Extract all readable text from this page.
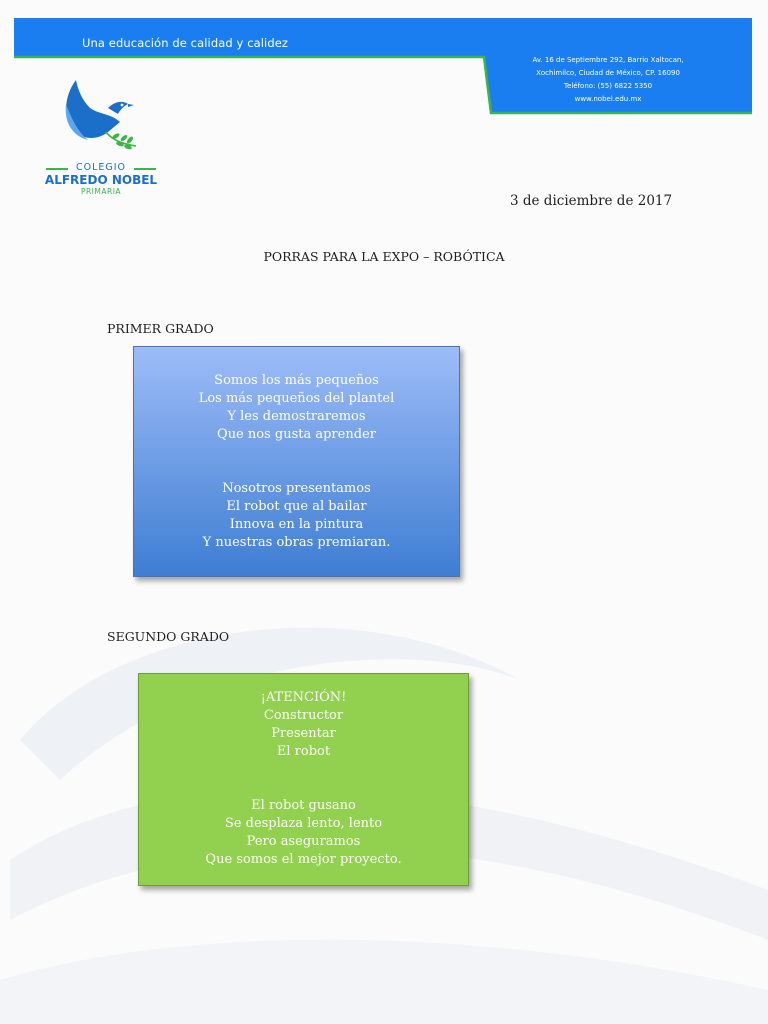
Una educación de calidad y calidez
Av. 16 de Septiembre 292, Barrio Xaltocan,
Xochimilco, Ciudad de México, CP. 16090
Teléfono: (55) 6822 5350
www.nobel.edu.mx
COLEGIO
ALFREDO NOBEL
PRIMARIA
3 de diciembre de 2017
PORRAS PARA LA EXPO – ROBÓTICA
PRIMER GRADO
Somos los más pequeños
Los más pequeños del plantel
Y les demostraremos
Que nos gusta aprender
Nosotros presentamos
El robot que al bailar
Innova en la pintura
Y nuestras obras premiaran.
SEGUNDO GRADO
¡ATENCIÓN!
Constructor
Presentar
El robot
El robot gusano
Se desplaza lento, lento
Pero aseguramos
Que somos el mejor proyecto.
